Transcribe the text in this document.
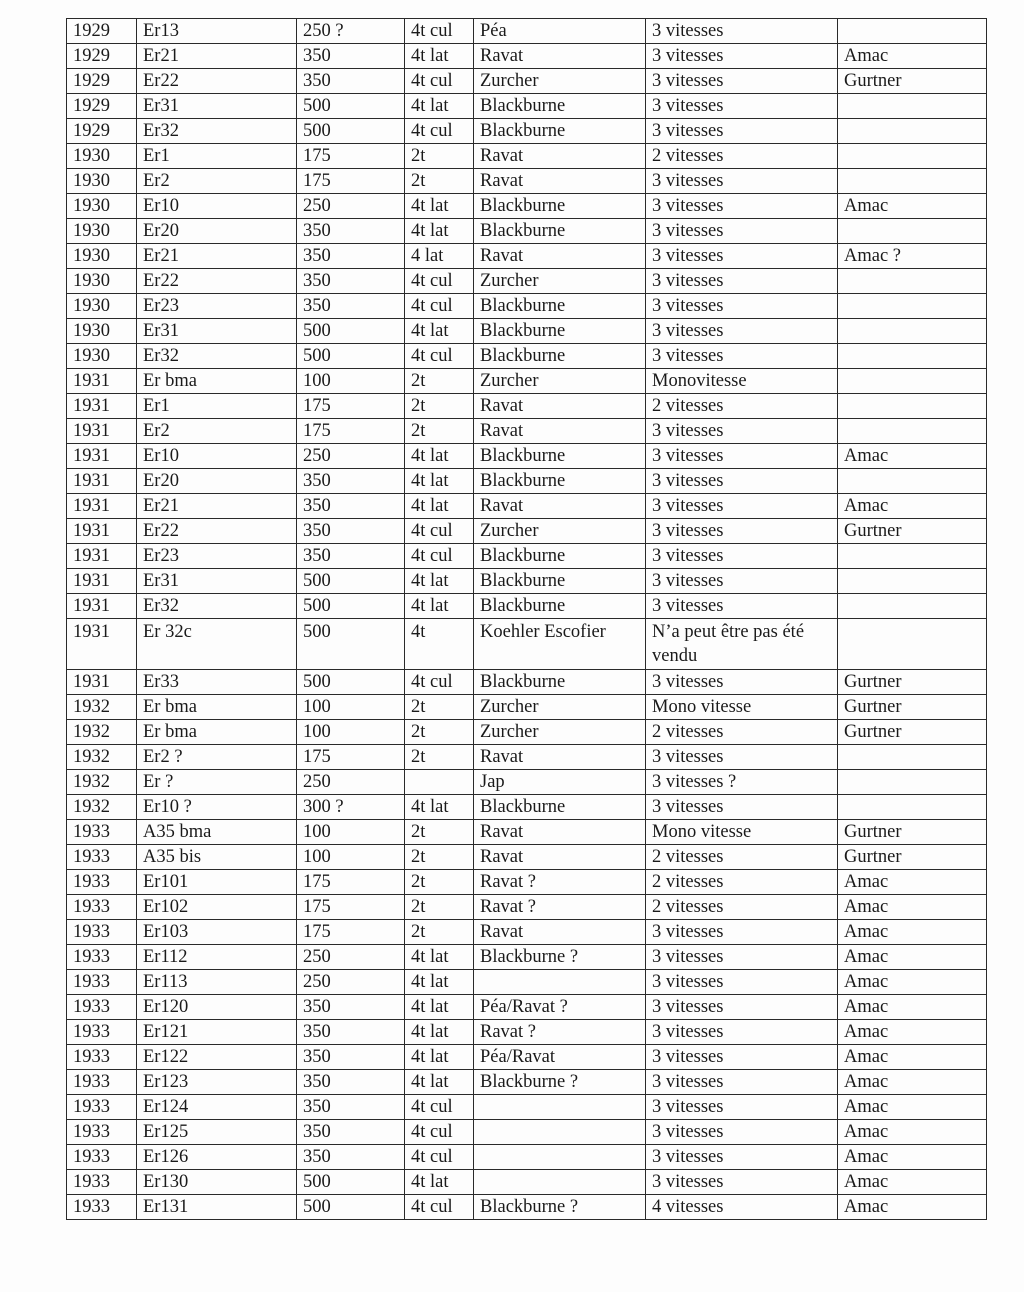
1929	Er13	250 ?	4t cul	Péa	3 vitesses	
1929	Er21	350	4t lat	Ravat	3 vitesses	Amac
1929	Er22	350	4t cul	Zurcher	3 vitesses	Gurtner
1929	Er31	500	4t lat	Blackburne	3 vitesses	
1929	Er32	500	4t cul	Blackburne	3 vitesses	
1930	Er1	175	2t	Ravat	2 vitesses	
1930	Er2	175	2t	Ravat	3 vitesses	
1930	Er10	250	4t lat	Blackburne	3 vitesses	Amac
1930	Er20	350	4t lat	Blackburne	3 vitesses	
1930	Er21	350	4 lat	Ravat	3 vitesses	Amac ?
1930	Er22	350	4t cul	Zurcher	3 vitesses	
1930	Er23	350	4t cul	Blackburne	3 vitesses	
1930	Er31	500	4t lat	Blackburne	3 vitesses	
1930	Er32	500	4t cul	Blackburne	3 vitesses	
1931	Er bma	100	2t	Zurcher	Monovitesse	
1931	Er1	175	2t	Ravat	2 vitesses	
1931	Er2	175	2t	Ravat	3 vitesses	
1931	Er10	250	4t lat	Blackburne	3 vitesses	Amac
1931	Er20	350	4t lat	Blackburne	3 vitesses	
1931	Er21	350	4t lat	Ravat	3 vitesses	Amac
1931	Er22	350	4t cul	Zurcher	3 vitesses	Gurtner
1931	Er23	350	4t cul	Blackburne	3 vitesses	
1931	Er31	500	4t lat	Blackburne	3 vitesses	
1931	Er32	500	4t lat	Blackburne	3 vitesses	
1931	Er 32c	500	4t	Koehler Escofier	N’a peut être pas été vendu	
1931	Er33	500	4t cul	Blackburne	3 vitesses	Gurtner
1932	Er bma	100	2t	Zurcher	Mono vitesse	Gurtner
1932	Er bma	100	2t	Zurcher	2 vitesses	Gurtner
1932	Er2 ?	175	2t	Ravat	3 vitesses	
1932	Er ?	250		Jap	3 vitesses ?	
1932	Er10 ?	300 ?	4t lat	Blackburne	3 vitesses	
1933	A35 bma	100	2t	Ravat	Mono vitesse	Gurtner
1933	A35 bis	100	2t	Ravat	2 vitesses	Gurtner
1933	Er101	175	2t	Ravat ?	2 vitesses	Amac
1933	Er102	175	2t	Ravat ?	2 vitesses	Amac
1933	Er103	175	2t	Ravat	3 vitesses	Amac
1933	Er112	250	4t lat	Blackburne ?	3 vitesses	Amac
1933	Er113	250	4t lat		3 vitesses	Amac
1933	Er120	350	4t lat	Péa/Ravat ?	3 vitesses	Amac
1933	Er121	350	4t lat	Ravat ?	3 vitesses	Amac
1933	Er122	350	4t lat	Péa/Ravat	3 vitesses	Amac
1933	Er123	350	4t lat	Blackburne ?	3 vitesses	Amac
1933	Er124	350	4t cul		3 vitesses	Amac
1933	Er125	350	4t cul		3 vitesses	Amac
1933	Er126	350	4t cul		3 vitesses	Amac
1933	Er130	500	4t lat		3 vitesses	Amac
1933	Er131	500	4t cul	Blackburne ?	4 vitesses	Amac
